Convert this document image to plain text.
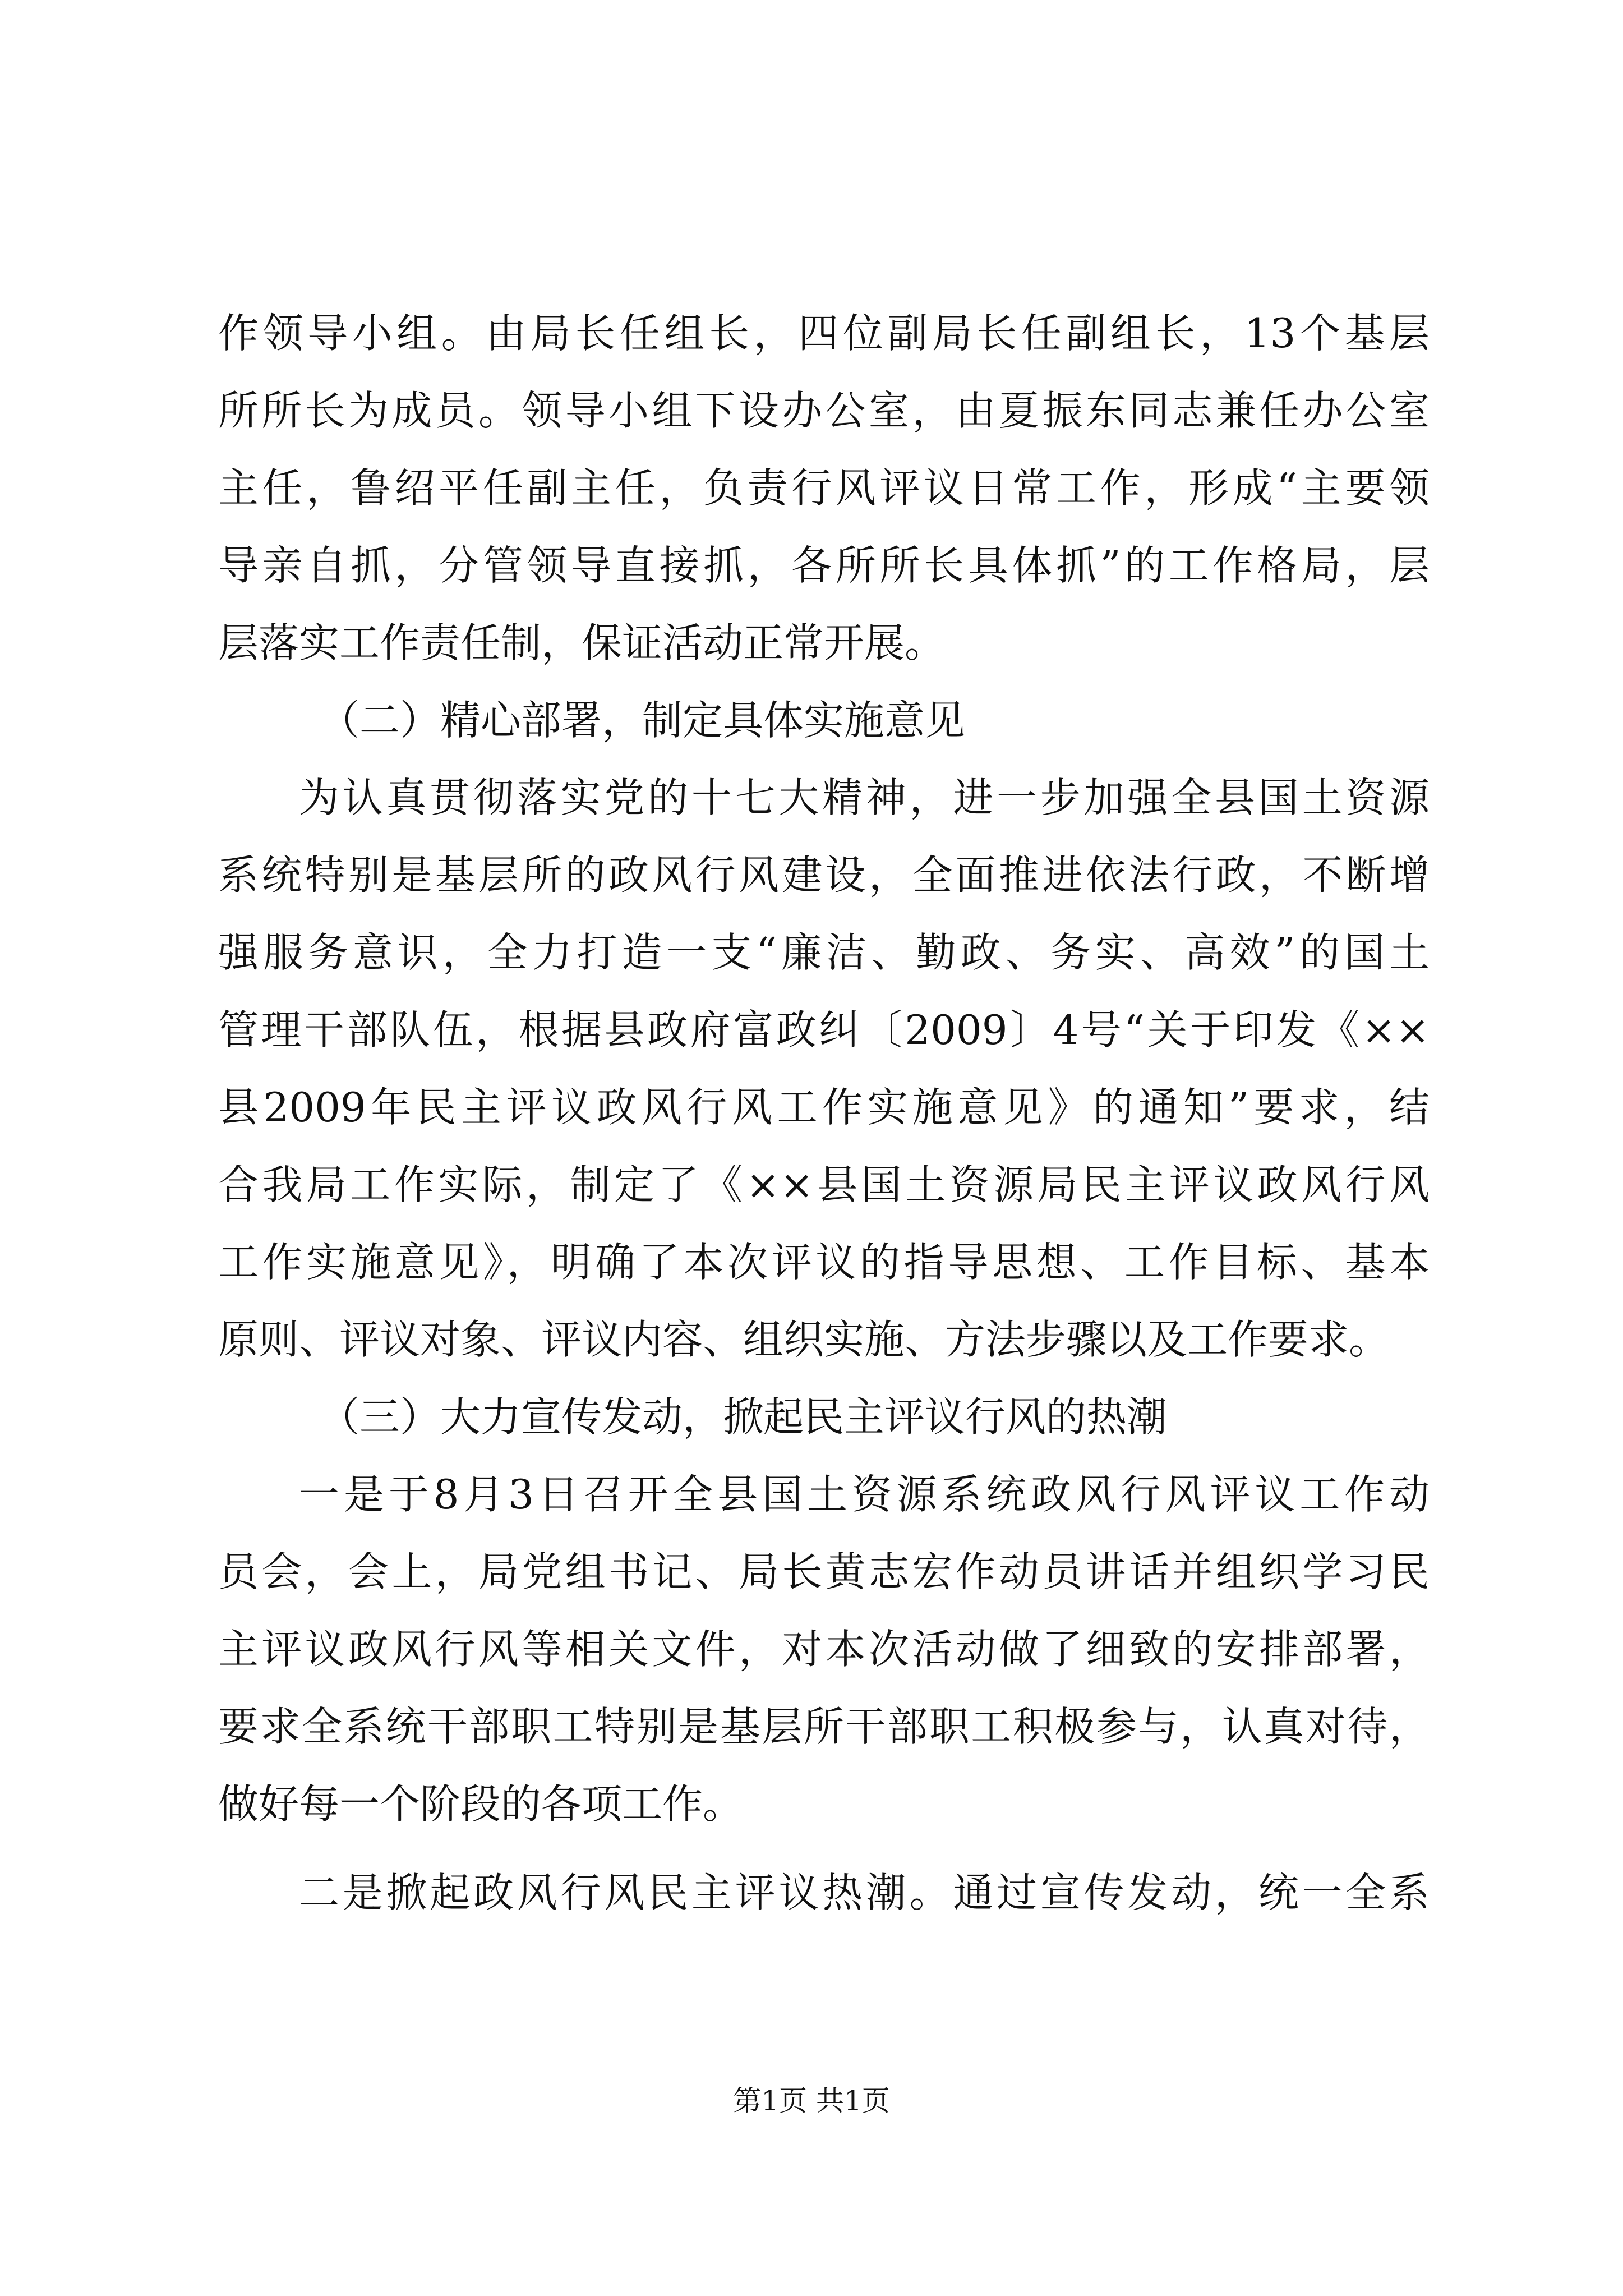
作领导小组。由局长任组长，四位副局长任副组长，13个基层
所所长为成员。领导小组下设办公室，由夏振东同志兼任办公室
主任，鲁绍平任副主任，负责行风评议日常工作，形成“主要领
导亲自抓，分管领导直接抓，各所所长具体抓”的工作格局，层
层落实工作责任制，保证活动正常开展。
（二）精心部署，制定具体实施意见
为认真贯彻落实党的十七大精神，进一步加强全县国土资源
系统特别是基层所的政风行风建设，全面推进依法行政，不断增
强服务意识，全力打造一支“廉洁、勤政、务实、高效”的国土
管理干部队伍，根据县政府富政纠〔2009〕4号“关于印发《××
县2009年民主评议政风行风工作实施意见》的通知”要求，结
合我局工作实际，制定了《××县国土资源局民主评议政风行风
工作实施意见》，明确了本次评议的指导思想、工作目标、基本
原则、评议对象、评议内容、组织实施、方法步骤以及工作要求。
（三）大力宣传发动，掀起民主评议行风的热潮
一是于8月3日召开全县国土资源系统政风行风评议工作动
员会，会上，局党组书记、局长黄志宏作动员讲话并组织学习民
主评议政风行风等相关文件，对本次活动做了细致的安排部署，
要求全系统干部职工特别是基层所干部职工积极参与，认真对待，
做好每一个阶段的各项工作。
二是掀起政风行风民主评议热潮。通过宣传发动，统一全系
第1页 共1页
